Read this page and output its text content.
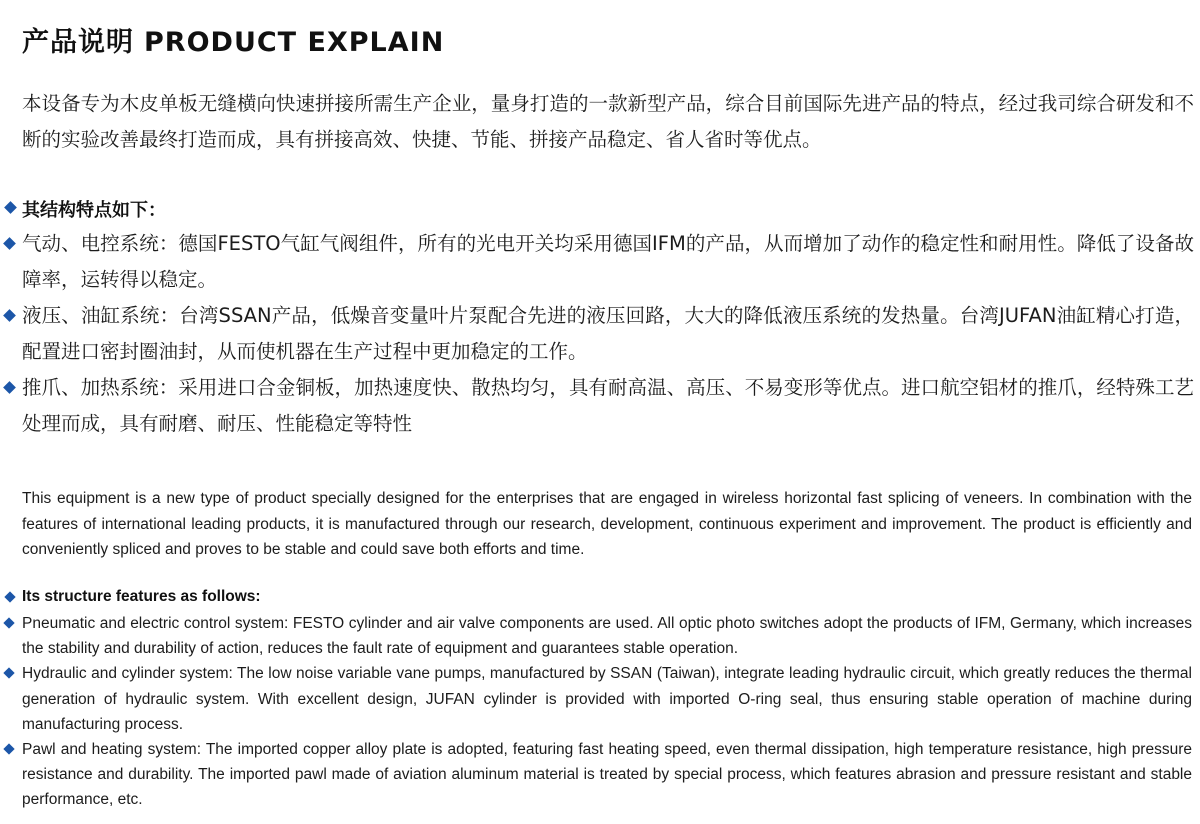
产品说明 PRODUCT EXPLAIN
本设备专为木皮单板无缝横向快速拼接所需生产企业，量身打造的一款新型产品，综合目前国际先进产品的特点，经过我司综合研发和不断的实验改善最终打造而成，具有拼接高效、快捷、节能、拼接产品稳定、省人省时等优点。
其结构特点如下：
气动、电控系统：德国FESTO气缸气阀组件，所有的光电开关均采用德国IFM的产品，从而增加了动作的稳定性和耐用性。降低了设备故障率，运转得以稳定。
液压、油缸系统：台湾SSAN产品，低燥音变量叶片泵配合先进的液压回路，大大的降低液压系统的发热量。台湾JUFAN油缸精心打造，配置进口密封圈油封，从而使机器在生产过程中更加稳定的工作。
推爪、加热系统：采用进口合金铜板，加热速度快、散热均匀，具有耐高温、高压、不易变形等优点。进口航空铝材的推爪，经特殊工艺处理而成，具有耐磨、耐压、性能稳定等特性
This equipment is a new type of product specially designed for the enterprises that are engaged in wireless horizontal fast splicing of veneers. In combination with the features of international leading products, it is manufactured through our research, development, continuous experiment and improvement. The product is efficiently and conveniently spliced and proves to be stable and could save both efforts and time.
Its structure features as follows:
Pneumatic and electric control system: FESTO cylinder and air valve components are used. All optic photo switches adopt the products of IFM, Germany, which increases the stability and durability of action, reduces the fault rate of equipment and guarantees stable operation.
Hydraulic and cylinder system: The low noise variable vane pumps, manufactured by SSAN (Taiwan), integrate leading hydraulic circuit, which greatly reduces the thermal generation of hydraulic system. With excellent design, JUFAN cylinder is provided with imported O-ring seal, thus ensuring stable operation of machine during manufacturing process.
Pawl and heating system: The imported copper alloy plate is adopted, featuring fast heating speed, even thermal dissipation, high temperature resistance, high pressure resistance and durability. The imported pawl made of aviation aluminum material is treated by special process, which features abrasion and pressure resistant and stable performance, etc.
